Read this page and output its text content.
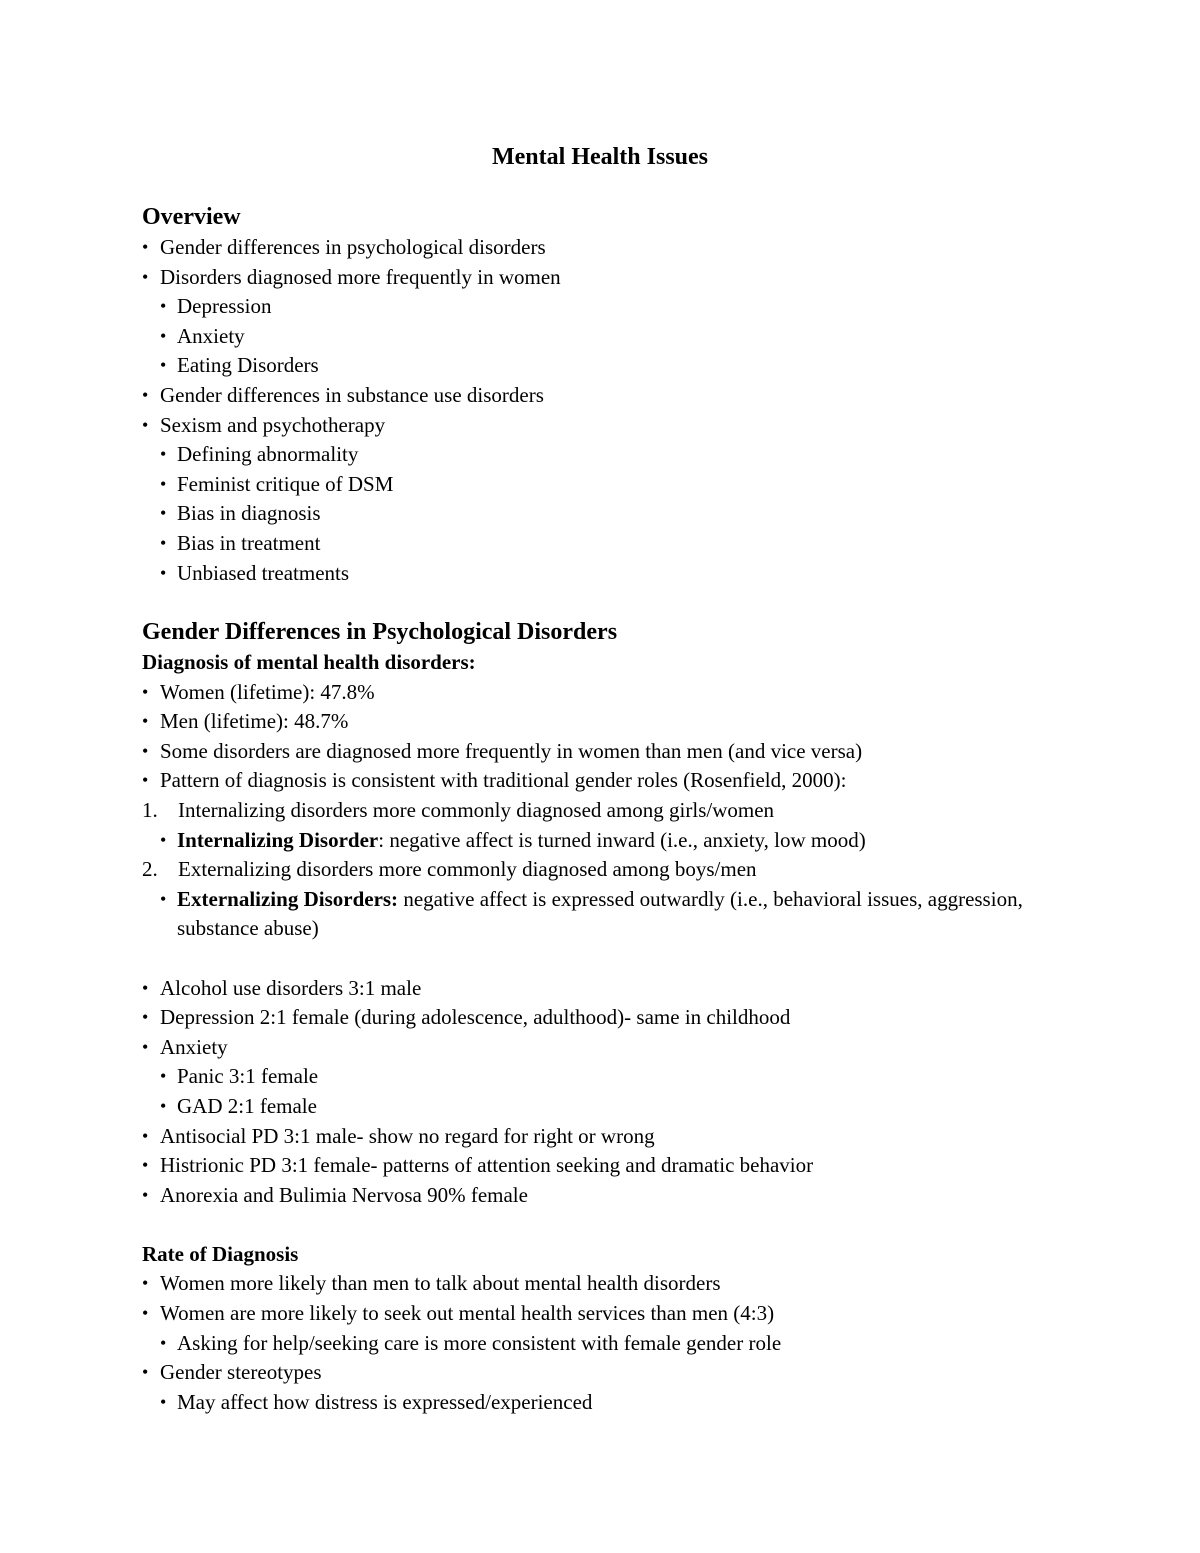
Mental Health Issues
Overview
• Gender differences in psychological disorders
• Disorders diagnosed more frequently in women
• Depression
• Anxiety
• Eating Disorders
• Gender differences in substance use disorders
• Sexism and psychotherapy
• Defining abnormality
• Feminist critique of DSM
• Bias in diagnosis
• Bias in treatment
• Unbiased treatments
Gender Differences in Psychological Disorders
Diagnosis of mental health disorders:
• Women (lifetime): 47.8%
• Men (lifetime): 48.7%
• Some disorders are diagnosed more frequently in women than men (and vice versa)
• Pattern of diagnosis is consistent with traditional gender roles (Rosenfield, 2000):
1. Internalizing disorders more commonly diagnosed among girls/women
• Internalizing Disorder: negative affect is turned inward (i.e., anxiety, low mood)
2. Externalizing disorders more commonly diagnosed among boys/men
• Externalizing Disorders: negative affect is expressed outwardly (i.e., behavioral issues, aggression, substance abuse)
• Alcohol use disorders 3:1 male
• Depression 2:1 female (during adolescence, adulthood)- same in childhood
• Anxiety
• Panic 3:1 female
• GAD 2:1 female
• Antisocial PD 3:1 male- show no regard for right or wrong
• Histrionic PD 3:1 female- patterns of attention seeking and dramatic behavior
• Anorexia and Bulimia Nervosa 90% female
Rate of Diagnosis
• Women more likely than men to talk about mental health disorders
• Women are more likely to seek out mental health services than men (4:3)
• Asking for help/seeking care is more consistent with female gender role
• Gender stereotypes
• May affect how distress is expressed/experienced
